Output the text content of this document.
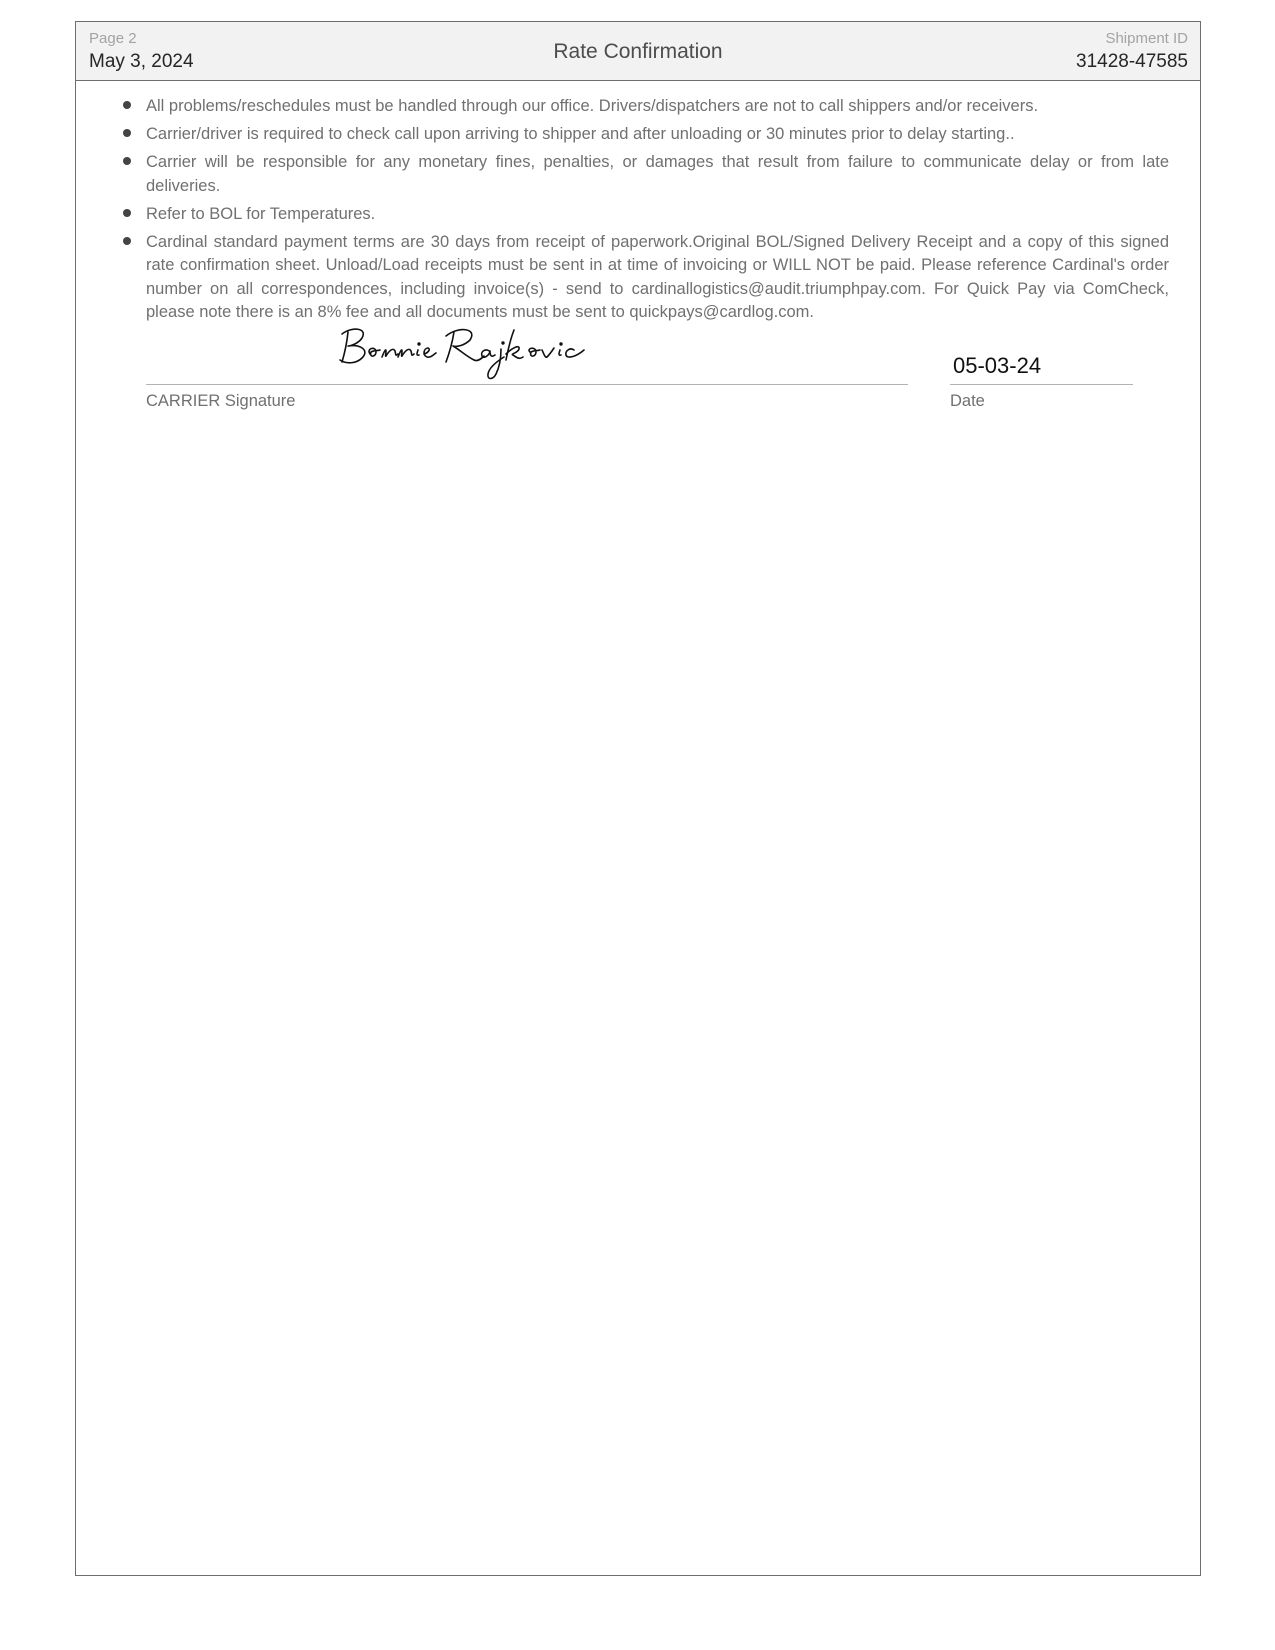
Page 2
May 3, 2024	Rate Confirmation
Shipment ID
31428-47585
All problems/reschedules must be handled through our office. Drivers/dispatchers are not to call shippers and/or receivers.
Carrier/driver is required to check call upon arriving to shipper and after unloading or 30 minutes prior to delay starting..
Carrier will be responsible for any monetary fines, penalties, or damages that result from failure to communicate delay or from late deliveries.
Refer to BOL for Temperatures.
Cardinal standard payment terms are 30 days from receipt of paperwork.Original BOL/Signed Delivery Receipt and a copy of this signed rate confirmation sheet. Unload/Load receipts must be sent in at time of invoicing or WILL NOT be paid. Please reference Cardinal's order number on all correspondences, including invoice(s) - send to cardinallogistics@audit.triumphpay.com. For Quick Pay via ComCheck, please note there is an 8% fee and all documents must be sent to quickpays@cardlog.com.
CARRIER Signature
05-03-24
Date
